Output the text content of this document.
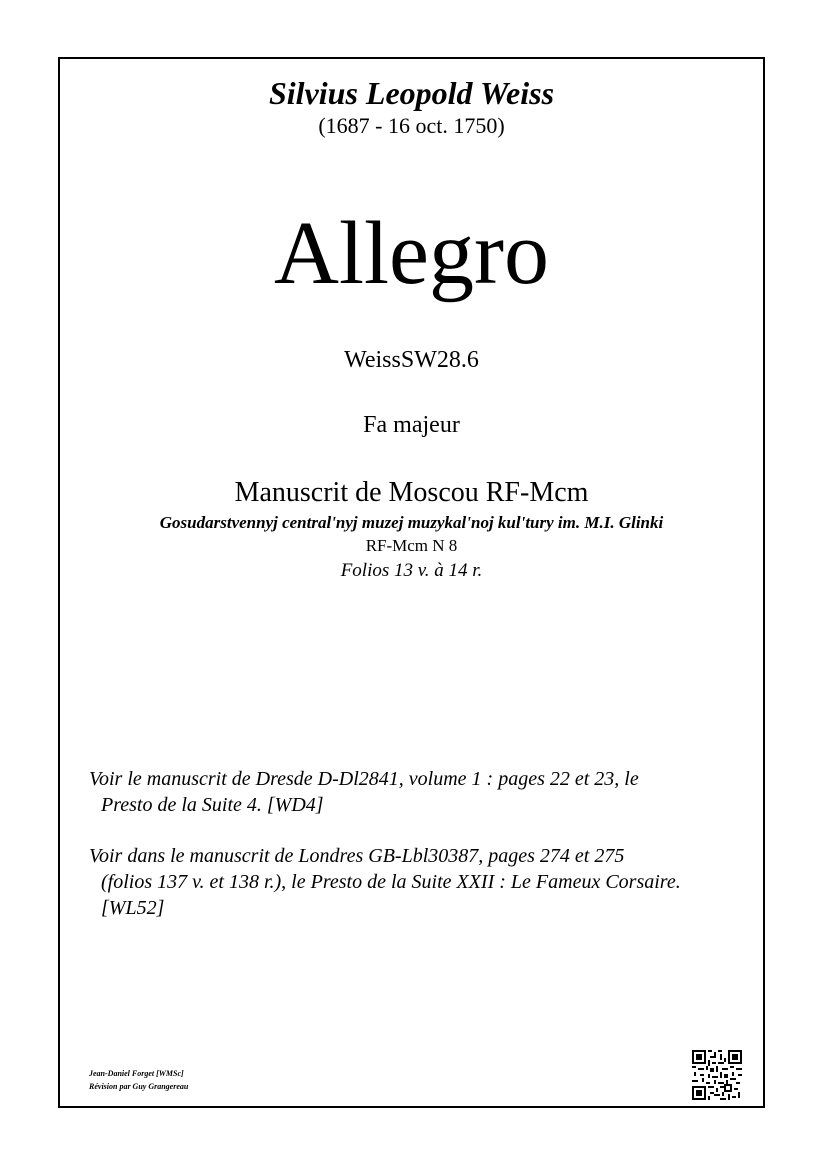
Silvius Leopold Weiss
(1687 - 16 oct. 1750)
Allegro
WeissSW28.6
Fa majeur
Manuscrit de Moscou RF-Mcm
Gosudarstvennyj central'nyj muzej muzykal'noj kul'tury im. M.I. Glinki
RF-Mcm N 8
Folios 13 v. à 14 r.
Voir le manuscrit de Dresde D-Dl2841, volume 1 : pages 22 et 23, le
Presto de la Suite 4. [WD4]
Voir dans le manuscrit de Londres GB-Lbl30387, pages 274 et 275
(folios 137 v. et 138 r.), le Presto de la Suite XXII : Le Fameux Corsaire.
[WL52]
Jean-Daniel Forget [WMSc]
Révision par Guy Grangereau
